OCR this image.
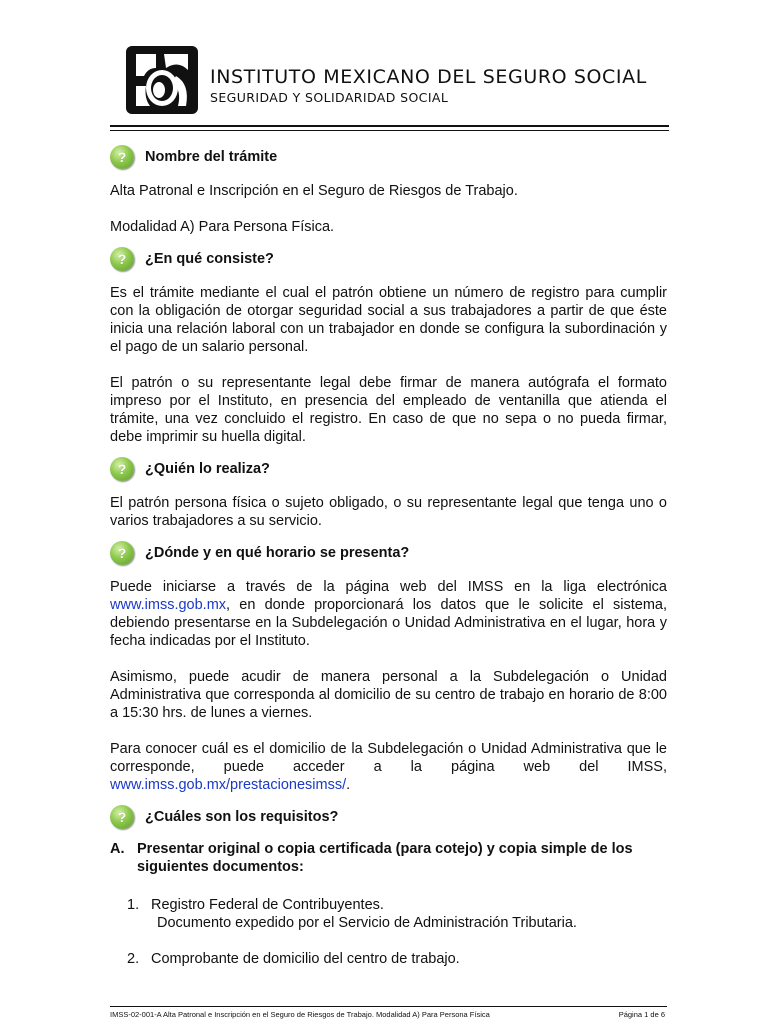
INSTITUTO MEXICANO DEL SEGURO SOCIAL
SEGURIDAD Y SOLIDARIDAD SOCIAL
?	Nombre del trámite

Alta Patronal e Inscripción en el Seguro de Riesgos de Trabajo.

Modalidad A) Para Persona Física.

?	¿En qué consiste?

Es el trámite mediante el cual el patrón obtiene un número de registro para cumplir con la obligación de otorgar seguridad social a sus trabajadores a partir de que éste inicia una relación laboral con un trabajador en donde se configura la subordinación y el pago de un salario personal.

El patrón o su representante legal debe firmar de manera autógrafa el formato impreso por el Instituto, en presencia del empleado de ventanilla que atienda el trámite, una vez concluido el registro. En caso de que no sepa o no pueda firmar, debe imprimir su huella digital.

?	¿Quién lo realiza?

El patrón persona física o sujeto obligado, o su representante legal que tenga uno o varios trabajadores a su servicio.

?	¿Dónde y en qué horario se presenta?

Puede iniciarse a través de la página web del IMSS en la liga electrónica www.imss.gob.mx, en donde proporcionará los datos que le solicite el sistema, debiendo presentarse en la Subdelegación o Unidad Administrativa en el lugar, hora y fecha indicadas por el Instituto.

Asimismo, puede acudir de manera personal a la Subdelegación o Unidad Administrativa que corresponda al domicilio de su centro de trabajo en horario de 8:00 a 15:30 hrs. de lunes a viernes.

Para conocer cuál es el domicilio de la Subdelegación o Unidad Administrativa que le corresponde, puede acceder a la página web del IMSS, www.imss.gob.mx/prestacionesimss/.

?	¿Cuáles son los requisitos?
A. Presentar original o copia certificada (para cotejo) y copia simple de los siguientes documentos:
1. Registro Federal de Contribuyentes.
Documento expedido por el Servicio de Administración Tributaria.
2. Comprobante de domicilio del centro de trabajo.
IMSS-02-001-A Alta Patronal e Inscripción en el Seguro de Riesgos de Trabajo. Modalidad A) Para Persona Física	Página 1 de 6
